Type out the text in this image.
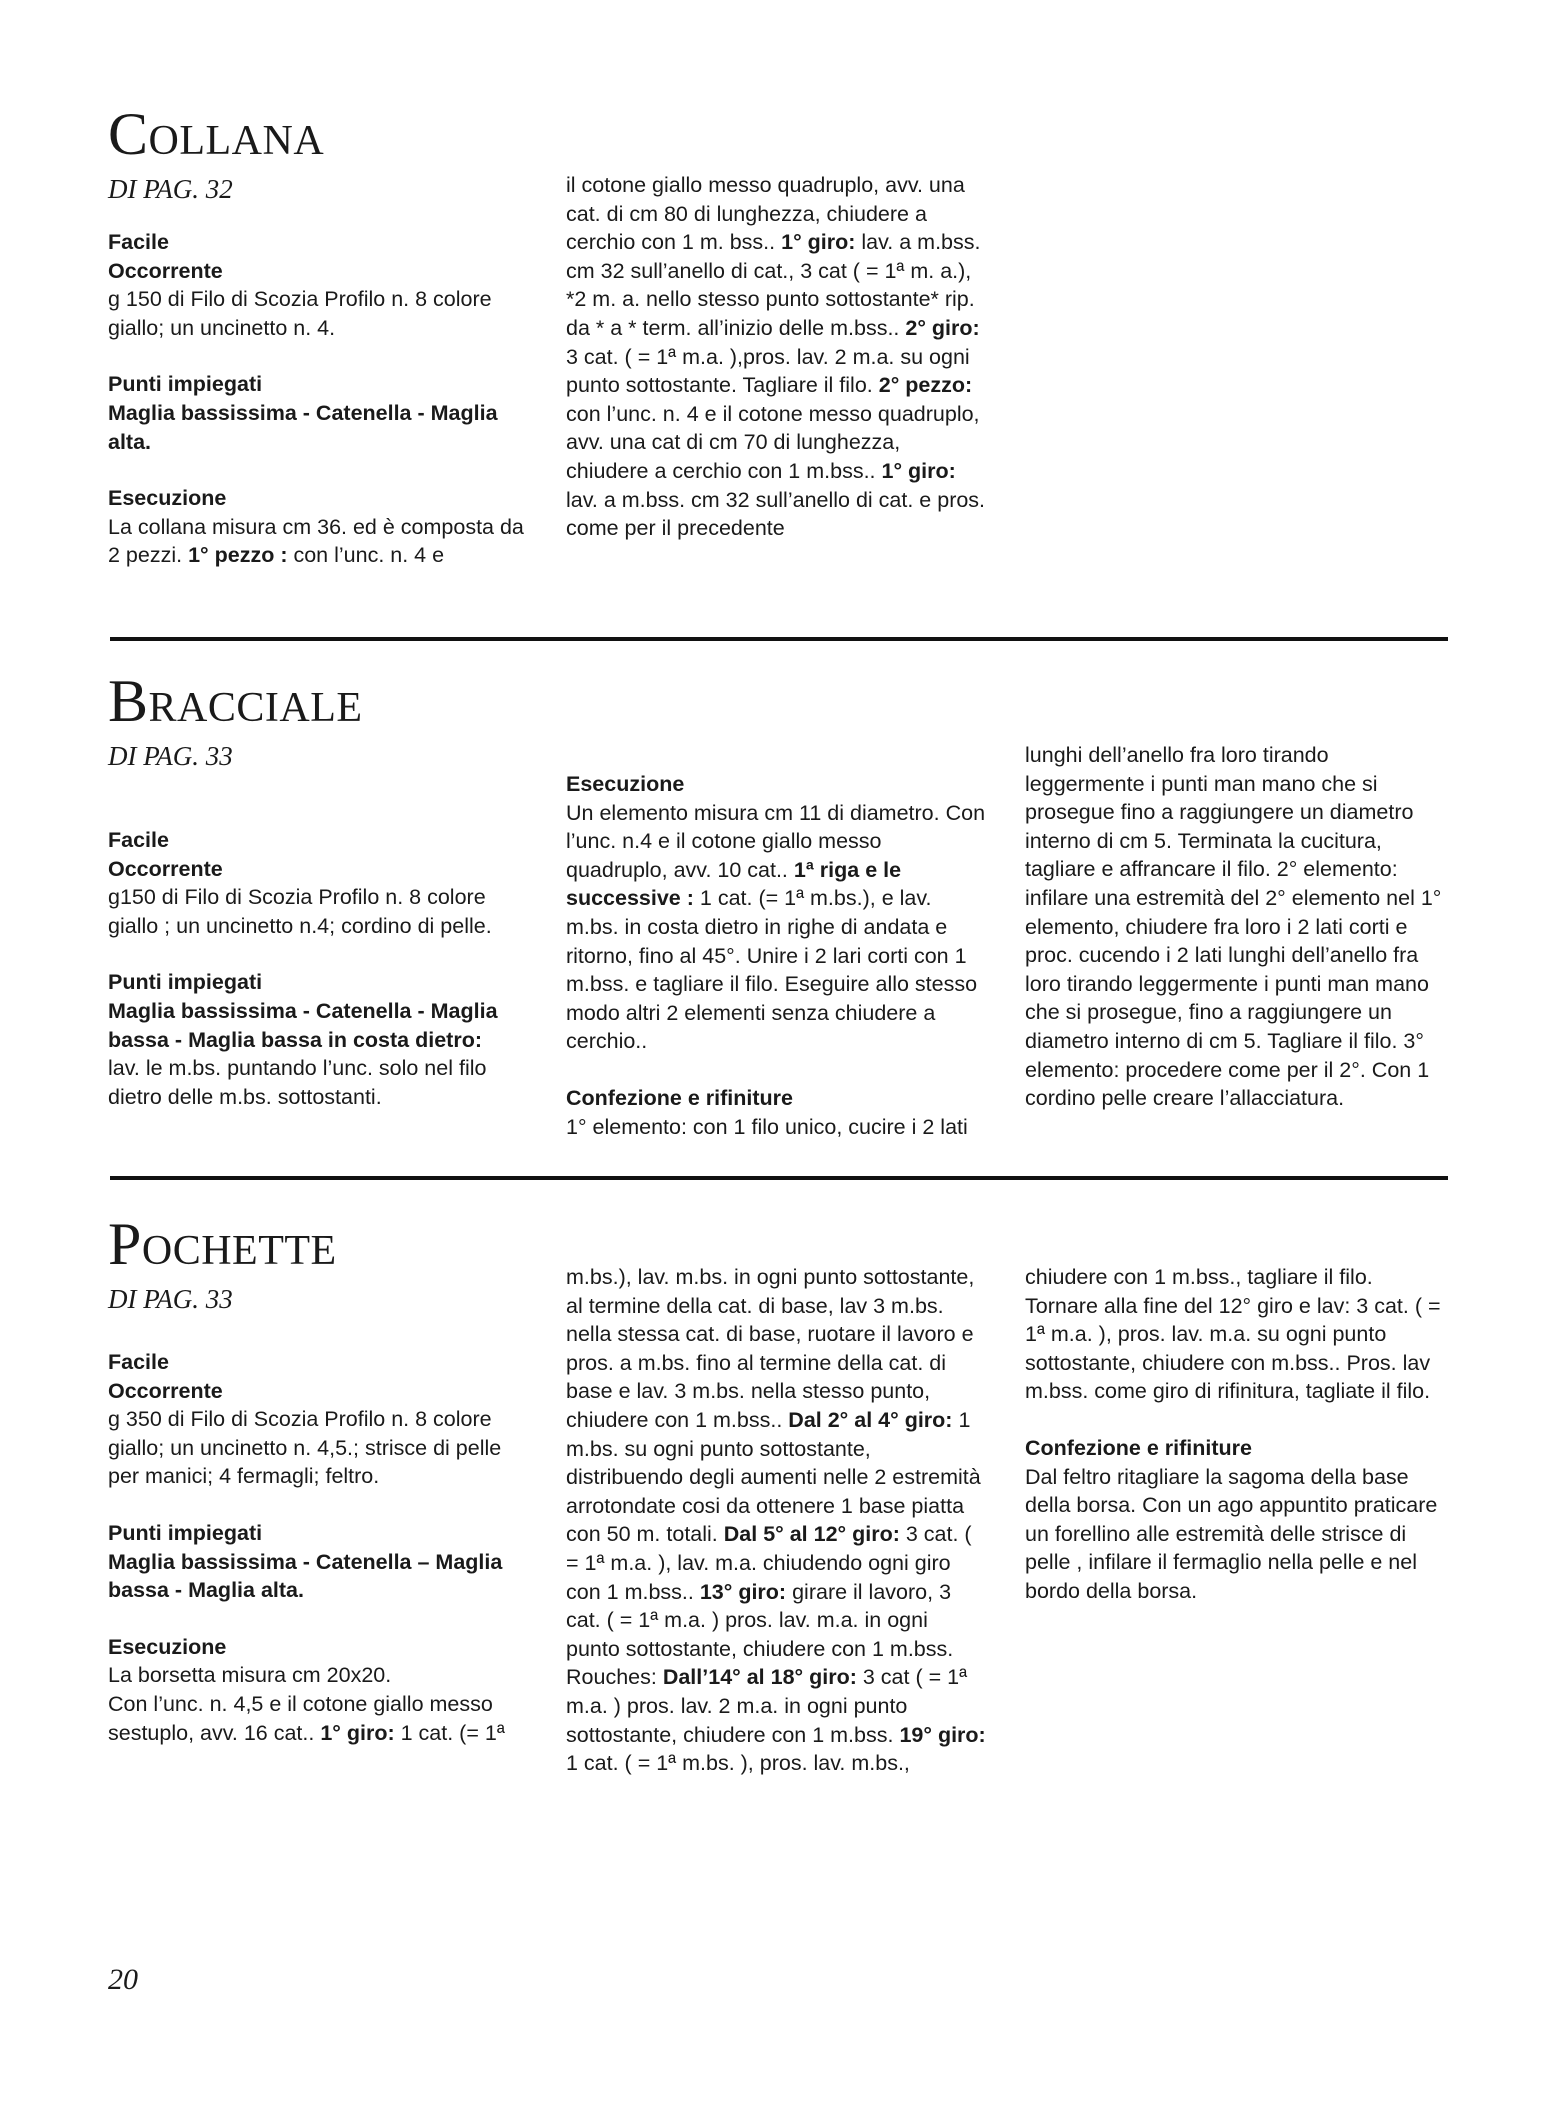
COLLANA

DI PAG. 32

Facile

Occorrente

g 150 di Filo di Scozia Profilo n. 8 colore giallo; un uncinetto n. 4.

Punti impiegati

Maglia bassissima - Catenella - Maglia alta.

Esecuzione

La collana misura cm 36. ed è composta da 2 pezzi. 1° pezzo : con l’unc. n. 4 e

il cotone giallo messo quadruplo, avv. una cat. di cm 80 di lunghezza, chiudere a cerchio con 1 m. bss.. 1° giro: lav. a m.bss. cm 32 sull’anello di cat., 3 cat ( = 1ª m. a.), *2 m. a. nello stesso punto sottostante* rip. da * a * term. all’inizio delle m.bss.. 2° giro: 3 cat. ( = 1ª m.a. ),pros. lav. 2 m.a. su ogni punto sottostante. Tagliare il filo. 2° pezzo: con l’unc. n. 4 e il cotone messo quadruplo, avv. una cat di cm 70 di lunghezza, chiudere a cerchio con 1 m.bss.. 1° giro: lav. a m.bss. cm 32 sull’anello di cat. e pros. come per il precedente

BRACCIALE

DI PAG. 33

Facile

Occorrente

g150 di Filo di Scozia Profilo n. 8 colore giallo ; un uncinetto n.4; cordino di pelle.

Punti impiegati

Maglia bassissima - Catenella - Maglia bassa - Maglia bassa in costa dietro:

lav. le m.bs. puntando l’unc. solo nel filo dietro delle m.bs. sottostanti.

Esecuzione

Un elemento misura cm 11 di diametro. Con l’unc. n.4 e il cotone giallo messo quadruplo, avv. 10 cat.. 1ª riga e le successive : 1 cat. (= 1ª m.bs.), e lav. m.bs. in costa dietro in righe di andata e ritorno, fino al 45°. Unire i 2 lari corti con 1 m.bss. e tagliare il filo. Eseguire allo stesso modo altri 2 elementi senza chiudere a cerchio..

Confezione e rifiniture

1° elemento: con 1 filo unico, cucire i 2 lati

lunghi dell’anello fra loro tirando leggermente i punti man mano che si prosegue fino a raggiungere un diametro interno di cm 5. Terminata la cucitura, tagliare e affrancare il filo. 2° elemento: infilare una estremità del 2° elemento nel 1° elemento, chiudere fra loro i 2 lati corti e proc. cucendo i 2 lati lunghi dell’anello fra loro tirando leggermente i punti man mano che si prosegue, fino a raggiungere un diametro interno di cm 5. Tagliare il filo. 3° elemento: procedere come per il 2°. Con 1 cordino pelle creare l’allacciatura.

POCHETTE

DI PAG. 33

Facile

Occorrente

g 350 di Filo di Scozia Profilo n. 8 colore giallo; un uncinetto n. 4,5.; strisce di pelle per manici; 4 fermagli; feltro.

Punti impiegati

Maglia bassissima - Catenella – Maglia bassa - Maglia alta.

Esecuzione

La borsetta misura cm 20x20.

Con l’unc. n. 4,5 e il cotone giallo messo sestuplo, avv. 16 cat.. 1° giro: 1 cat. (= 1ª

m.bs.), lav. m.bs. in ogni punto sottostante, al termine della cat. di base, lav 3 m.bs. nella stessa cat. di base, ruotare il lavoro e pros. a m.bs. fino al termine della cat. di base e lav. 3 m.bs. nella stesso punto, chiudere con 1 m.bss.. Dal 2° al 4° giro: 1 m.bs. su ogni punto sottostante, distribuendo degli aumenti nelle 2 estremità arrotondate cosi da ottenere 1 base piatta con 50 m. totali. Dal 5° al 12° giro: 3 cat. ( = 1ª m.a. ), lav. m.a. chiudendo ogni giro con 1 m.bss.. 13° giro: girare il lavoro, 3 cat. ( = 1ª m.a. ) pros. lav. m.a. in ogni punto sottostante, chiudere con 1 m.bss. Rouches: Dall’14° al 18° giro: 3 cat ( = 1ª m.a. ) pros. lav. 2 m.a. in ogni punto sottostante, chiudere con 1 m.bss. 19° giro: 1 cat. ( = 1ª m.bs. ), pros. lav. m.bs.,

chiudere con 1 m.bss., tagliare il filo. Tornare alla fine del 12° giro e lav: 3 cat. ( = 1ª m.a. ), pros. lav. m.a. su ogni punto sottostante, chiudere con m.bss.. Pros. lav m.bss. come giro di rifinitura, tagliate il filo.

Confezione e rifiniture

Dal feltro ritagliare la sagoma della base della borsa. Con un ago appuntito praticare un forellino alle estremità delle strisce di pelle , infilare il fermaglio nella pelle e nel bordo della borsa.

20
